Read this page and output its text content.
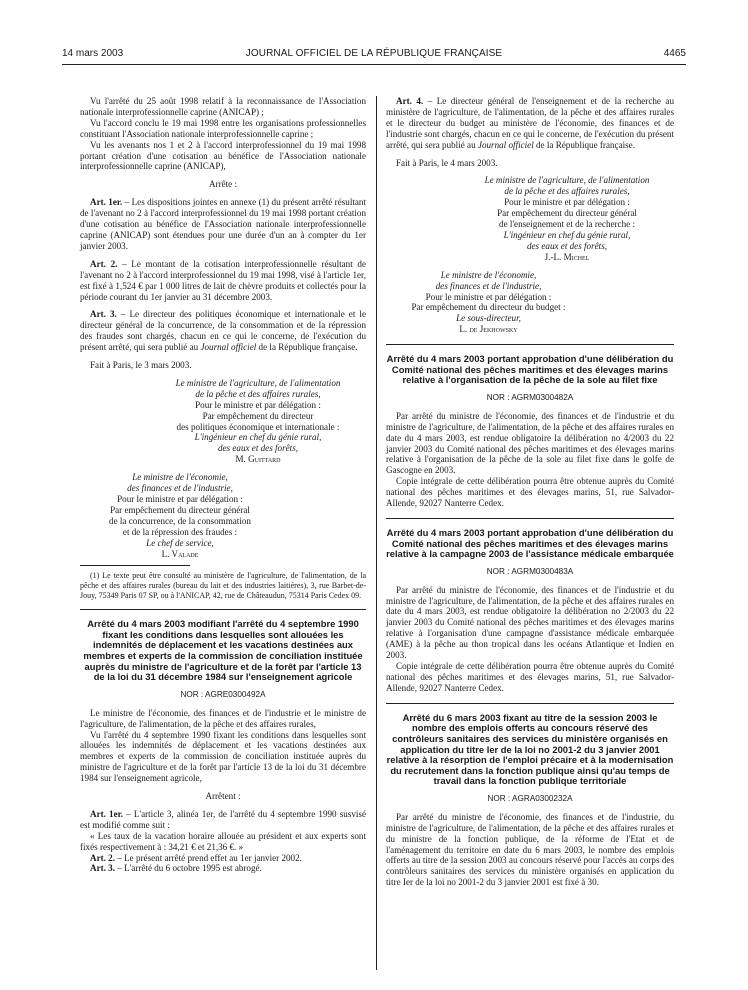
14 mars 2003	JOURNAL OFFICIEL DE LA RÉPUBLIQUE FRANÇAISE	4465

Vu l'arrêté du 25 août 1998 relatif à la reconnaissance de l'Association nationale interprofessionnelle caprine (ANICAP) ;

Vu l'accord conclu le 19 mai 1998 entre les organisations professionnelles constituant l'Association nationale interprofessionnelle caprine ;

Vu les avenants nos 1 et 2 à l'accord interprofessionnel du 19 mai 1998 portant création d'une cotisation au bénéfice de l'Association nationale interprofessionnelle caprine (ANICAP),

Arrête :

Art. 1er. – Les dispositions jointes en annexe (1) du présent arrêté résultant de l'avenant no 2 à l'accord interprofessionnel du 19 mai 1998 portant création d'une cotisation au bénéfice de l'Association nationale interprofessionnelle caprine (ANICAP) sont étendues pour une durée d'un an à compter du 1er janvier 2003.

Art. 2. – Le montant de la cotisation interprofessionnelle résultant de l'avenant no 2 à l'accord interprofessionnel du 19 mai 1998, visé à l'article 1er, est fixé à 1,524 € par 1 000 litres de lait de chèvre produits et collectés pour la période courant du 1er janvier au 31 décembre 2003.

Art. 3. – Le directeur des politiques économique et internationale et le directeur général de la concurrence, de la consommation et de la répression des fraudes sont chargés, chacun en ce qui le concerne, de l'exécution du présent arrêté, qui sera publié au Journal officiel de la République française.

Fait à Paris, le 3 mars 2003.

Le ministre de l'agriculture, de l'alimentation

de la pêche et des affaires rurales,

Pour le ministre et par délégation :

Par empêchement du directeur

des politiques économique et internationale :

L'ingénieur en chef du génie rural,

des eaux et des forêts,

M. Guittard

Le ministre de l'économie,

des finances et de l'industrie,

Pour le ministre et par délégation :

Par empêchement du directeur général

de la concurrence, de la consommation

et de la répression des fraudes :

Le chef de service,

L. Valade

(1) Le texte peut être consulté au ministère de l'agriculture, de l'alimentation, de la pêche et des affaires rurales (bureau du lait et des industries laitières), 3, rue Barbet-de-Jouy, 75349 Paris 07 SP, ou à l'ANICAP, 42, rue de Châteaudun, 75314 Paris Cedex 09.

Arrêté du 4 mars 2003 modifiant l'arrêté du 4 septembre 1990 fixant les conditions dans lesquelles sont allouées les indemnités de déplacement et les vacations destinées aux membres et experts de la commission de conciliation instituée auprès du ministre de l'agriculture et de la forêt par l'article 13 de la loi du 31 décembre 1984 sur l'enseignement agricole

NOR : AGRE0300492A

Le ministre de l'économie, des finances et de l'industrie et le ministre de l'agriculture, de l'alimentation, de la pêche et des affaires rurales,

Vu l'arrêté du 4 septembre 1990 fixant les conditions dans lesquelles sont allouées les indemnités de déplacement et les vacations destinées aux membres et experts de la commission de conciliation instituée auprès du ministre de l'agriculture et de la forêt par l'article 13 de la loi du 31 décembre 1984 sur l'enseignement agricole,

Arrêtent :

Art. 1er. – L'article 3, alinéa 1er, de l'arrêté du 4 septembre 1990 susvisé est modifié comme suit :

« Les taux de la vacation horaire allouée au président et aux experts sont fixés respectivement à : 34,21 € et 21,36 €. »

Art. 2. – Le présent arrêté prend effet au 1er janvier 2002.

Art. 3. – L'arrêté du 6 octobre 1995 est abrogé.

Art. 4. – Le directeur général de l'enseignement et de la recherche au ministère de l'agriculture, de l'alimentation, de la pêche et des affaires rurales et le directeur du budget au ministère de l'économie, des finances et de l'industrie sont chargés, chacun en ce qui le concerne, de l'exécution du présent arrêté, qui sera publié au Journal officiel de la République française.

Fait à Paris, le 4 mars 2003.

Le ministre de l'agriculture, de l'alimentation

de la pêche et des affaires rurales,

Pour le ministre et par délégation :

Par empêchement du directeur général

de l'enseignement et de la recherche :

L'ingénieur en chef du génie rural,

des eaux et des forêts,

J.-L. Michel

Le ministre de l'économie,

des finances et de l'industrie,

Pour le ministre et par délégation :

Par empêchement du directeur du budget :

Le sous-directeur,

L. de Jekhowsky

Arrêté du 4 mars 2003 portant approbation d'une délibération du Comité national des pêches maritimes et des élevages marins relative à l'organisation de la pêche de la sole au filet fixe

NOR : AGRM0300482A

Par arrêté du ministre de l'économie, des finances et de l'industrie et du ministre de l'agriculture, de l'alimentation, de la pêche et des affaires rurales en date du 4 mars 2003, est rendue obligatoire la délibération no 4/2003 du 22 janvier 2003 du Comité national des pêches maritimes et des élevages marins relative à l'organisation de la pêche de la sole au filet fixe dans le golfe de Gascogne en 2003.

Copie intégrale de cette délibération pourra être obtenue auprès du Comité national des pêches maritimes et des élevages marins, 51, rue Salvador-Allende, 92027 Nanterre Cedex.

Arrêté du 4 mars 2003 portant approbation d'une délibération du Comité national des pêches maritimes et des élevages marins relative à la campagne 2003 de l'assistance médicale embarquée

NOR : AGRM0300483A

Par arrêté du ministre de l'économie, des finances et de l'industrie et du ministre de l'agriculture, de l'alimentation, de la pêche et des affaires rurales en date du 4 mars 2003, est rendue obligatoire la délibération no 2/2003 du 22 janvier 2003 du Comité national des pêches maritimes et des élevages marins relative à l'organisation d'une campagne d'assistance médicale embarquée (AME) à la pêche au thon tropical dans les océans Atlantique et Indien en 2003.

Copie intégrale de cette délibération pourra être obtenue auprès du Comité national des pêches maritimes et des élevages marins, 51, rue Salvador-Allende, 92027 Nanterre Cedex.

Arrêté du 6 mars 2003 fixant au titre de la session 2003 le nombre des emplois offerts au concours réservé des contrôleurs sanitaires des services du ministère organisés en application du titre Ier de la loi no 2001-2 du 3 janvier 2001 relative à la résorption de l'emploi précaire et à la modernisation du recrutement dans la fonction publique ainsi qu'au temps de travail dans la fonction publique territoriale

NOR : AGRA0300232A

Par arrêté du ministre de l'économie, des finances et de l'industrie, du ministre de l'agriculture, de l'alimentation, de la pêche et des affaires rurales et du ministre de la fonction publique, de la réforme de l'Etat et de l'aménagement du territoire en date du 6 mars 2003, le nombre des emplois offerts au titre de la session 2003 au concours réservé pour l'accès au corps des contrôleurs sanitaires des services du ministère organisés en application du titre Ier de la loi no 2001-2 du 3 janvier 2001 est fixé à 30.
